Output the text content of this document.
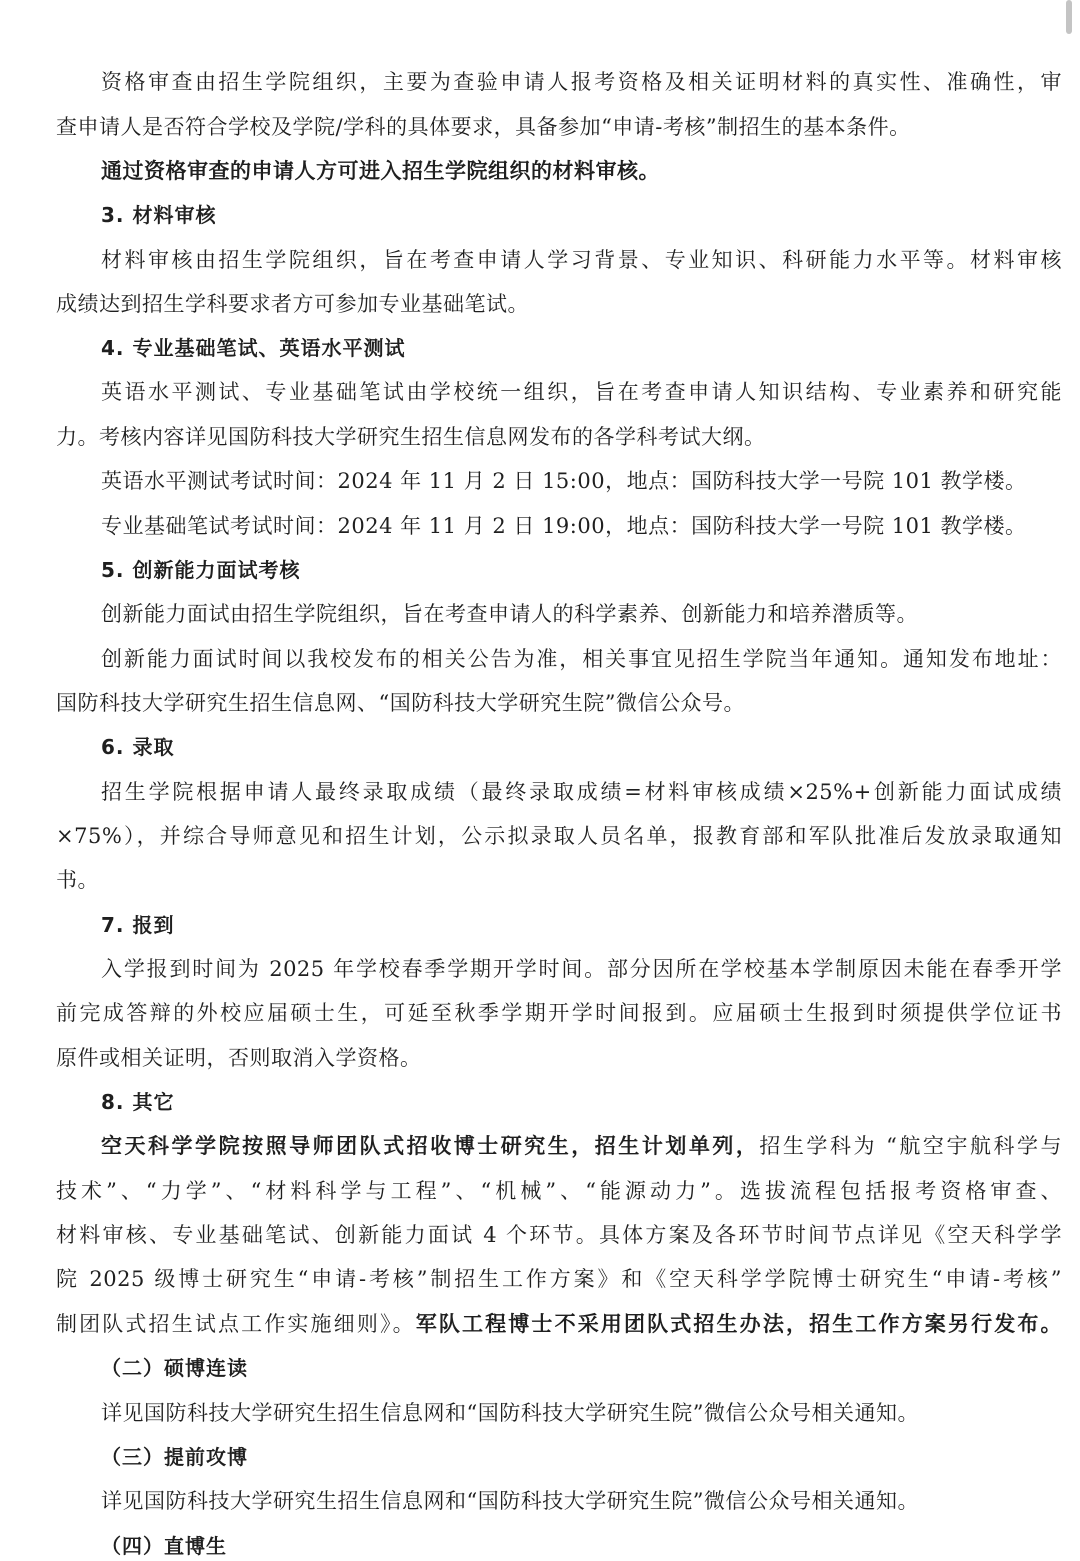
资格审查由招生学院组织，主要为查验申请人报考资格及相关证明材料的真实性、准确性，审
查申请人是否符合学校及学院/学科的具体要求，具备参加“申请-考核”制招生的基本条件。
通过资格审查的申请人方可进入招生学院组织的材料审核。
3. 材料审核
材料审核由招生学院组织，旨在考查申请人学习背景、专业知识、科研能力水平等。材料审核
成绩达到招生学科要求者方可参加专业基础笔试。
4. 专业基础笔试、英语水平测试
英语水平测试、专业基础笔试由学校统一组织，旨在考查申请人知识结构、专业素养和研究能
力。考核内容详见国防科技大学研究生招生信息网发布的各学科考试大纲。
英语水平测试考试时间：2024 年 11 月 2 日 15:00，地点：国防科技大学一号院 101 教学楼。
专业基础笔试考试时间：2024 年 11 月 2 日 19:00，地点：国防科技大学一号院 101 教学楼。
5. 创新能力面试考核
创新能力面试由招生学院组织，旨在考查申请人的科学素养、创新能力和培养潜质等。
创新能力面试时间以我校发布的相关公告为准，相关事宜见招生学院当年通知。通知发布地址：
国防科技大学研究生招生信息网、“国防科技大学研究生院”微信公众号。
6. 录取
招生学院根据申请人最终录取成绩（最终录取成绩=材料审核成绩×25%+创新能力面试成绩
×75%），并综合导师意见和招生计划，公示拟录取人员名单，报教育部和军队批准后发放录取通知
书。
7. 报到
入学报到时间为 2025 年学校春季学期开学时间。部分因所在学校基本学制原因未能在春季开学
前完成答辩的外校应届硕士生，可延至秋季学期开学时间报到。应届硕士生报到时须提供学位证书
原件或相关证明，否则取消入学资格。
8. 其它
空天科学学院按照导师团队式招收博士研究生，招生计划单列，招生学科为 “航空宇航科学与
技术”、“力学”、“材料科学与工程”、“机械”、“能源动力”。选拔流程包括报考资格审查、
材料审核、专业基础笔试、创新能力面试 4 个环节。具体方案及各环节时间节点详见《空天科学学
院 2025 级博士研究生“申请-考核”制招生工作方案》和《空天科学学院博士研究生“申请-考核”
制团队式招生试点工作实施细则》。军队工程博士不采用团队式招生办法，招生工作方案另行发布。
（二）硕博连读
详见国防科技大学研究生招生信息网和“国防科技大学研究生院”微信公众号相关通知。
（三）提前攻博
详见国防科技大学研究生招生信息网和“国防科技大学研究生院”微信公众号相关通知。
（四）直博生
